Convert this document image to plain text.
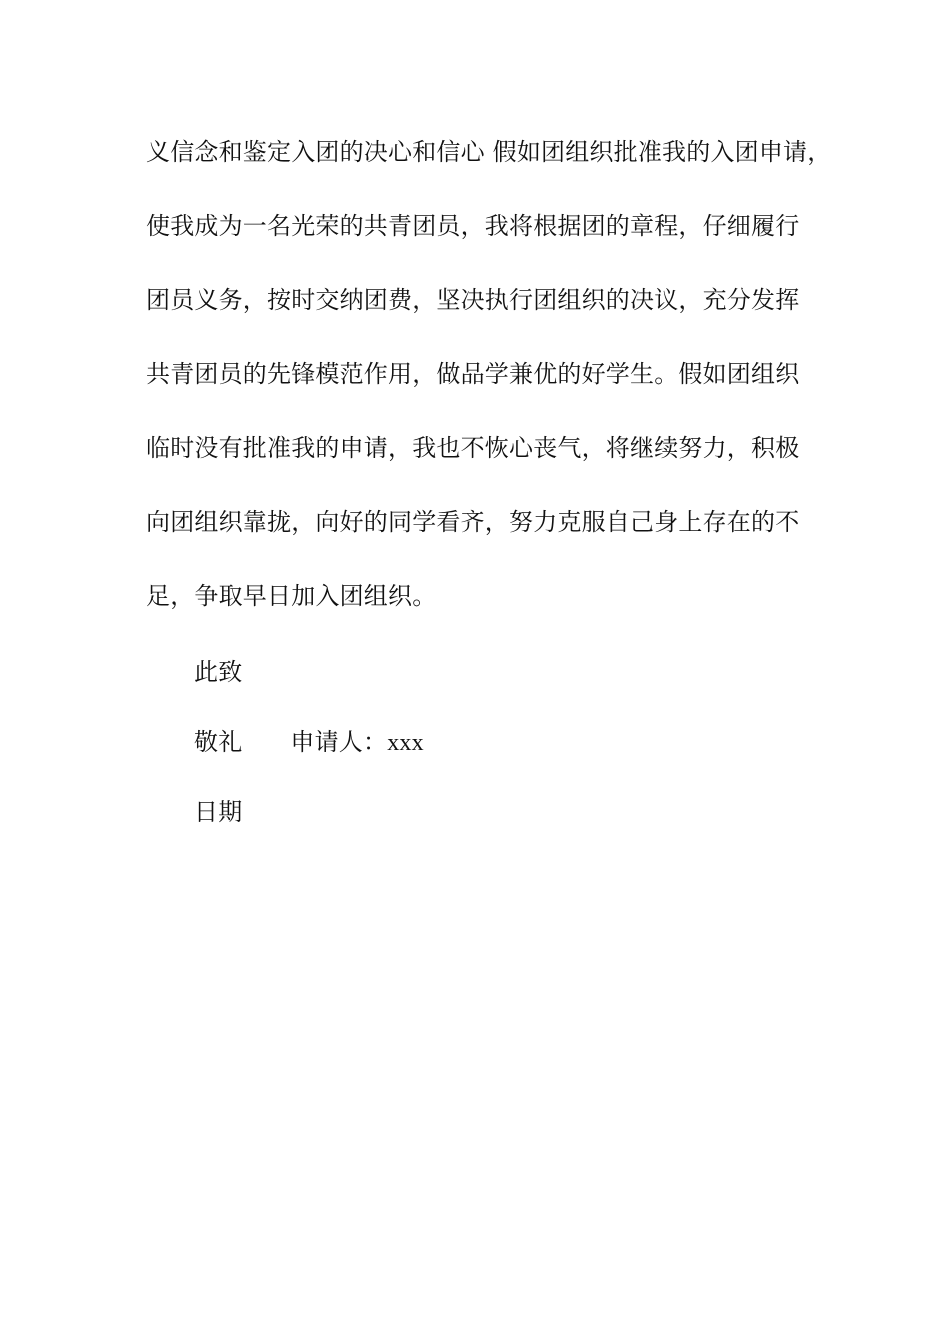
义信念和鉴定入团的决心和信心 假如团组织批准我的入团申请，
使我成为一名光荣的共青团员，我将根据团的章程，仔细履行
团员义务，按时交纳团费，坚决执行团组织的决议，充分发挥
共青团员的先锋模范作用，做品学兼优的好学生。假如团组织
临时没有批准我的申请，我也不恢心丧气，将继续努力，积极
向团组织靠拢，向好的同学看齐，努力克服自己身上存在的不
足，争取早日加入团组织。
此致
敬礼 申请人：xxx
日期
